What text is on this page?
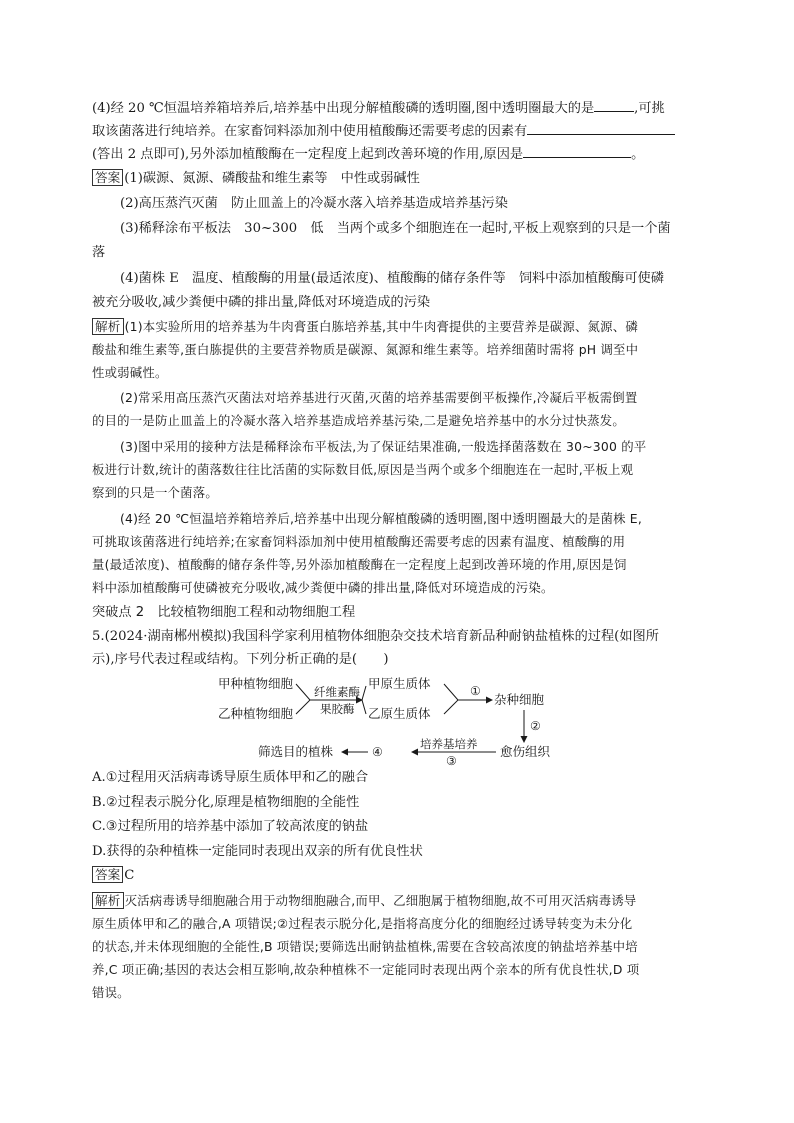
(4)经 20 ℃恒温培养箱培养后,培养基中出现分解植酸磷的透明圈,图中透明圈最大的是	,可挑
取该菌落进行纯培养。在家畜饲料添加剂中使用植酸酶还需要考虑的因素有
(答出 2 点即可),另外添加植酸酶在一定程度上起到改善环境的作用,原因是	。
答案 (1)碳源、氮源、磷酸盐和维生素等　中性或弱碱性
(2)高压蒸汽灭菌　防止皿盖上的冷凝水落入培养基造成培养基污染
(3)稀释涂布平板法　30~300　低　当两个或多个细胞连在一起时,平板上观察到的只是一个菌
落
(4)菌株 E　温度、植酸酶的用量(最适浓度)、植酸酶的储存条件等　饲料中添加植酸酶可使磷
被充分吸收,减少粪便中磷的排出量,降低对环境造成的污染
解析 (1)本实验所用的培养基为牛肉膏蛋白胨培养基,其中牛肉膏提供的主要营养是碳源、氮源、磷
酸盐和维生素等,蛋白胨提供的主要营养物质是碳源、氮源和维生素等。培养细菌时需将 pH 调至中
性或弱碱性。
(2)常采用高压蒸汽灭菌法对培养基进行灭菌,灭菌的培养基需要倒平板操作,冷凝后平板需倒置
的目的一是防止皿盖上的冷凝水落入培养基造成培养基污染,二是避免培养基中的水分过快蒸发。
(3)图中采用的接种方法是稀释涂布平板法,为了保证结果准确,一般选择菌落数在 30~300 的平
板进行计数,统计的菌落数往往比活菌的实际数目低,原因是当两个或多个细胞连在一起时,平板上观
察到的只是一个菌落。
(4)经 20 ℃恒温培养箱培养后,培养基中出现分解植酸磷的透明圈,图中透明圈最大的是菌株 E,
可挑取该菌落进行纯培养;在家畜饲料添加剂中使用植酸酶还需要考虑的因素有温度、植酸酶的用
量(最适浓度)、植酸酶的储存条件等,另外添加植酸酶在一定程度上起到改善环境的作用,原因是饲
料中添加植酸酶可使磷被充分吸收,减少粪便中磷的排出量,降低对环境造成的污染。
突破点 2　比较植物细胞工程和动物细胞工程
5.(2024·湖南郴州模拟)我国科学家利用植物体细胞杂交技术培育新品种耐钠盐植株的过程(如图所
示),序号代表过程或结构。下列分析正确的是(　　)
甲种植物细胞
乙种植物细胞
纤维素酶
果胶酶
甲原生质体
乙原生质体
①
杂种细胞
②
愈伤组织
培养基培养
③
④
筛选目的植株
A.①过程用灭活病毒诱导原生质体甲和乙的融合
B.②过程表示脱分化,原理是植物细胞的全能性
C.③过程所用的培养基中添加了较高浓度的钠盐
D.获得的杂种植株一定能同时表现出双亲的所有优良性状
答案 C
解析 灭活病毒诱导细胞融合用于动物细胞融合,而甲、乙细胞属于植物细胞,故不可用灭活病毒诱导
原生质体甲和乙的融合,A 项错误;②过程表示脱分化,是指将高度分化的细胞经过诱导转变为未分化
的状态,并未体现细胞的全能性,B 项错误;要筛选出耐钠盐植株,需要在含较高浓度的钠盐培养基中培
养,C 项正确;基因的表达会相互影响,故杂种植株不一定能同时表现出两个亲本的所有优良性状,D 项
错误。
